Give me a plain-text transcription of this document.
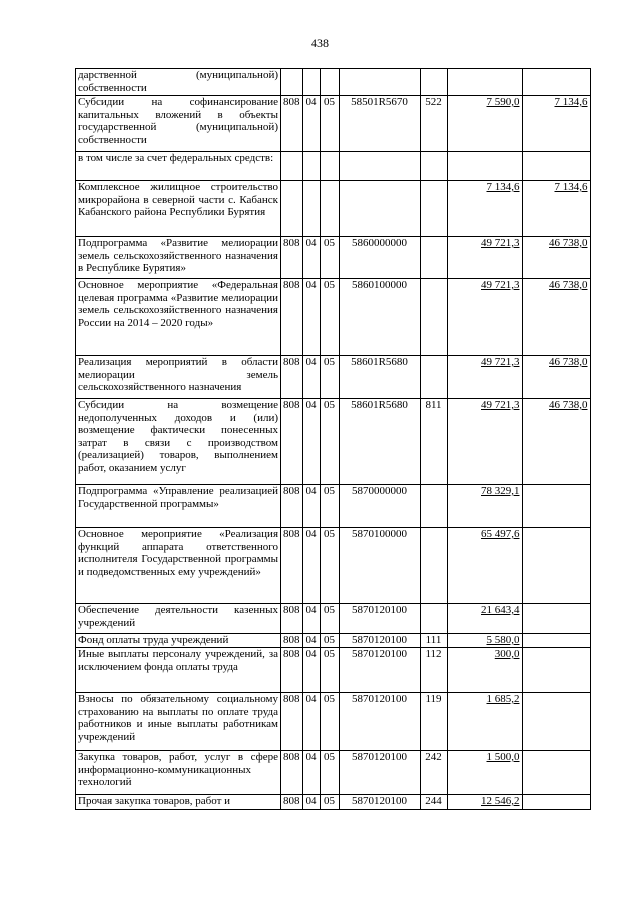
438
дарственной (муниципальной) собственности							
Субсидии на софинансирование капитальных вложений в объекты государственной (муниципальной) собственности	808	04	05	58501R5670	522	7 590,0	7 134,6
в том числе за счет федеральных средств:							
Комплексное жилищное строительство микрорайона в северной части с. Кабанск Кабанского района Республики Бурятия						7 134,6	7 134,6
Подпрограмма «Развитие мелиорации земель сельскохозяйственного назначения в Республике Бурятия»	808	04	05	5860000000		49 721,3	46 738,0
Основное мероприятие «Федеральная целевая программа «Развитие мелиорации земель сельскохозяйственного назначения России на 2014 – 2020 годы»	808	04	05	5860100000		49 721,3	46 738,0
Реализация мероприятий в области мелиорации земель сельскохозяйственного назначения	808	04	05	58601R5680		49 721,3	46 738,0
Субсидии на возмещение недополученных доходов и (или) возмещение фактически понесенных затрат в связи с производством (реализацией) товаров, выполнением работ, оказанием услуг	808	04	05	58601R5680	811	49 721,3	46 738,0
Подпрограмма «Управление реализацией Государственной программы»	808	04	05	5870000000		78 329,1	
Основное мероприятие «Реализация функций аппарата ответственного исполнителя Государственной программы и подведомственных ему учреждений»	808	04	05	5870100000		65 497,6	
Обеспечение деятельности казенных учреждений	808	04	05	5870120100		21 643,4	
Фонд оплаты труда учреждений	808	04	05	5870120100	111	5 580,0	
Иные выплаты персоналу учреждений, за исключением фонда оплаты труда	808	04	05	5870120100	112	300,0	
Взносы по обязательному социальному страхованию на выплаты по оплате труда работников и иные выплаты работникам учреждений	808	04	05	5870120100	119	1 685,2	
Закупка товаров, работ, услуг в сфере информационно-коммуникационных технологий	808	04	05	5870120100	242	1 500,0	
Прочая закупка товаров, работ и	808	04	05	5870120100	244	12 546,2	
